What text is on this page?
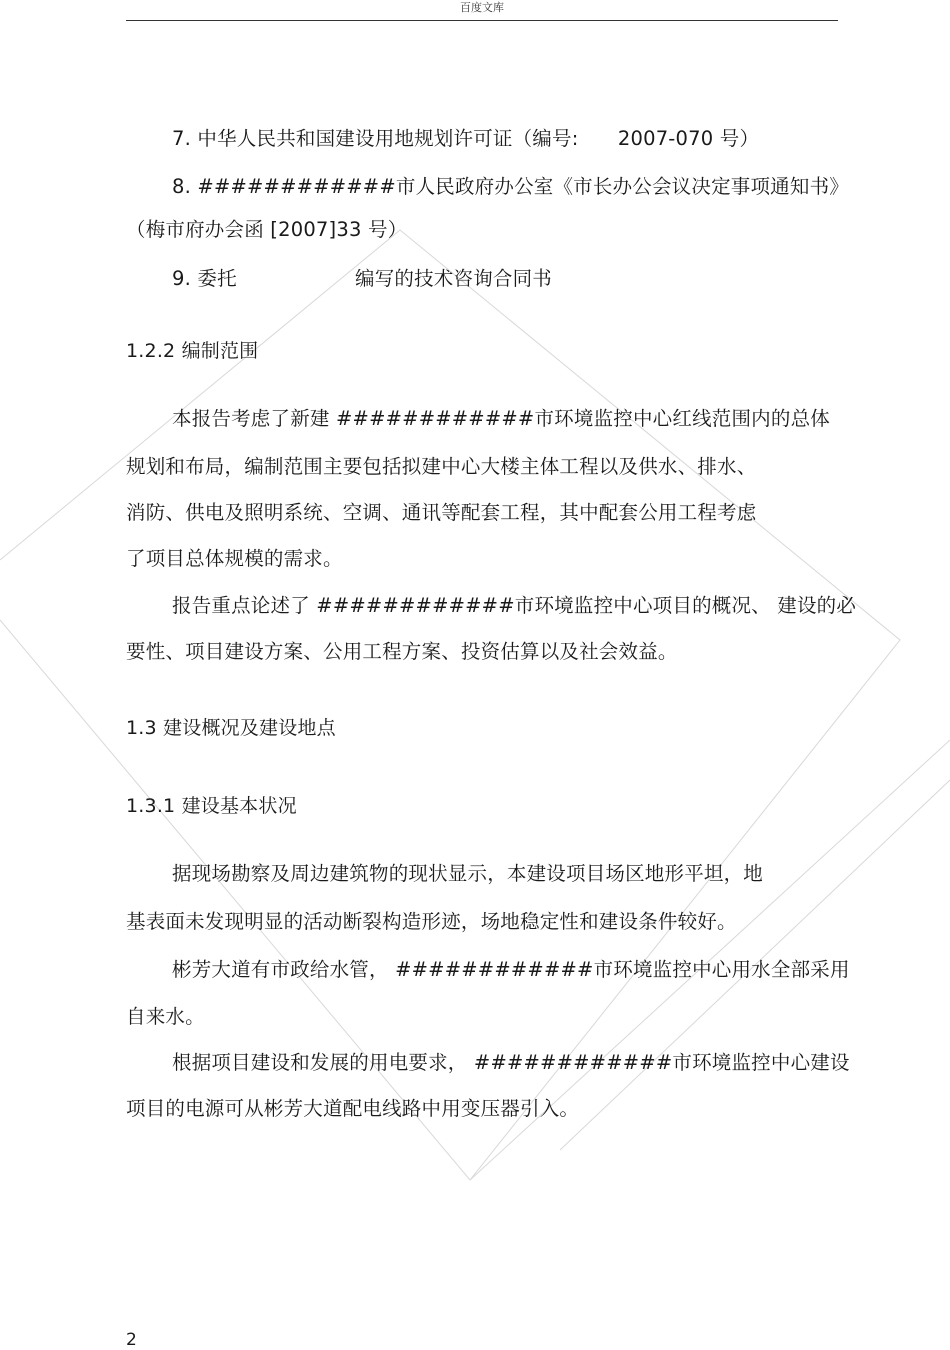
百度文库
7. 中华人民共和国建设用地规划许可证（编号:　　2007-070 号）
8. ############市人民政府办公室《市长办公会议决定事项通知书》
（梅市府办会函 [2007]33 号）
9. 委托　　　　　　编写的技术咨询合同书
1.2.2 编制范围
本报告考虑了新建 ############市环境监控中心红线范围内的总体
规划和布局，编制范围主要包括拟建中心大楼主体工程以及供水、排水、
消防、供电及照明系统、空调、通讯等配套工程，其中配套公用工程考虑
了项目总体规模的需求。
报告重点论述了 ############市环境监控中心项目的概况、 建设的必
要性、项目建设方案、公用工程方案、投资估算以及社会效益。
1.3 建设概况及建设地点
1.3.1 建设基本状况
据现场勘察及周边建筑物的现状显示，本建设项目场区地形平坦，地
基表面未发现明显的活动断裂构造形迹，场地稳定性和建设条件较好。
彬芳大道有市政给水管， ############市环境监控中心用水全部采用
自来水。
根据项目建设和发展的用电要求， ############市环境监控中心建设
项目的电源可从彬芳大道配电线路中用变压器引入。
2
